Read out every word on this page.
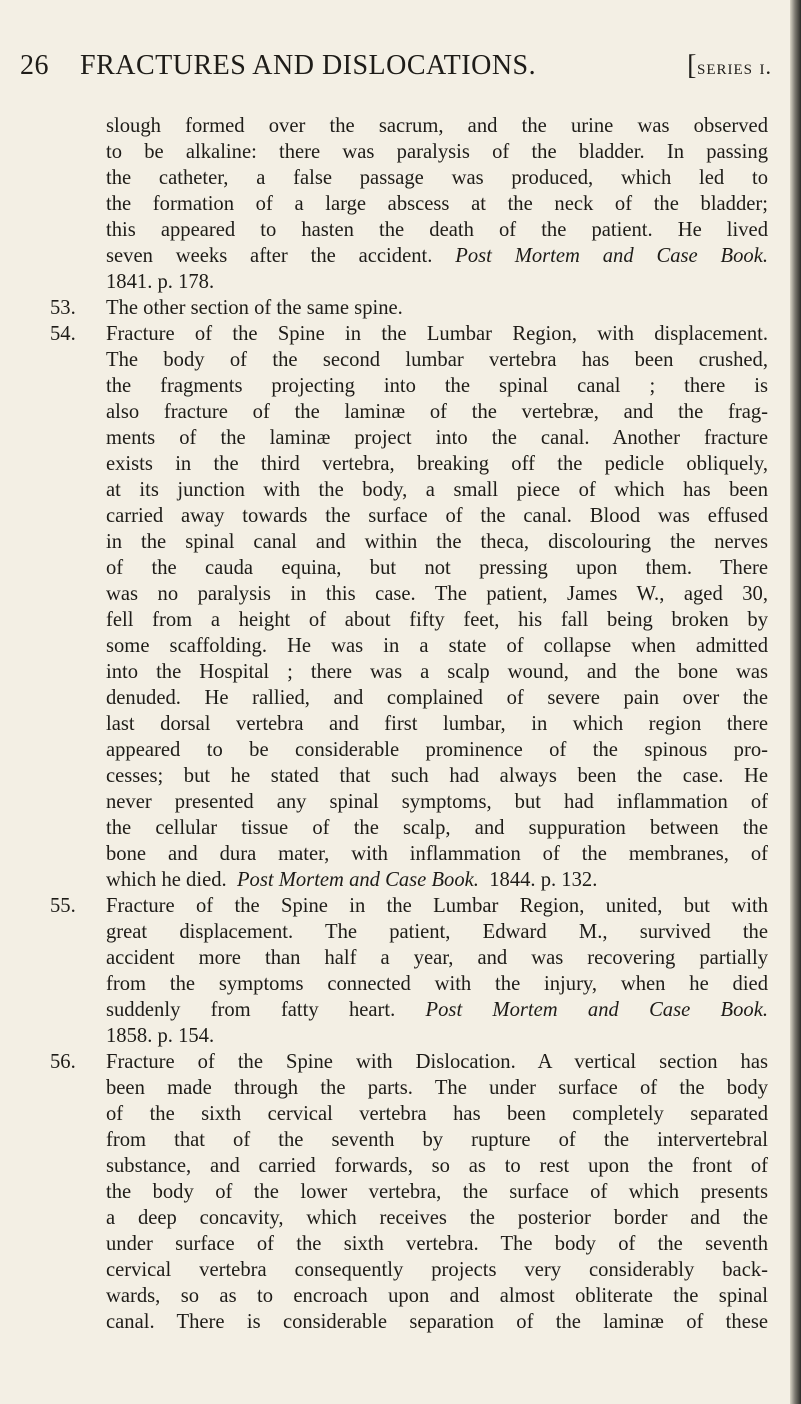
26 FRACTURES AND DISLOCATIONS.	[series i.
slough formed over the sacrum, and the urine was observed
to be alkaline: there was paralysis of the bladder. In passing
the catheter, a false passage was produced, which led to
the formation of a large abscess at the neck of the bladder;
this appeared to hasten the death of the patient. He lived
seven weeks after the accident. Post Mortem and Case Book.
1841. p. 178.
53. The other section of the same spine.
54. Fracture of the Spine in the Lumbar Region, with displacement.
The body of the second lumbar vertebra has been crushed,
the fragments projecting into the spinal canal ; there is
also fracture of the laminæ of the vertebræ, and the frag-
ments of the laminæ project into the canal. Another fracture
exists in the third vertebra, breaking off the pedicle obliquely,
at its junction with the body, a small piece of which has been
carried away towards the surface of the canal. Blood was effused
in the spinal canal and within the theca, discolouring the nerves
of the cauda equina, but not pressing upon them. There
was no paralysis in this case. The patient, James W., aged 30,
fell from a height of about fifty feet, his fall being broken by
some scaffolding. He was in a state of collapse when admitted
into the Hospital ; there was a scalp wound, and the bone was
denuded. He rallied, and complained of severe pain over the
last dorsal vertebra and first lumbar, in which region there
appeared to be considerable prominence of the spinous pro-
cesses; but he stated that such had always been the case. He
never presented any spinal symptoms, but had inflammation of
the cellular tissue of the scalp, and suppuration between the
bone and dura mater, with inflammation of the membranes, of
which he died. Post Mortem and Case Book. 1844. p. 132.
55. Fracture of the Spine in the Lumbar Region, united, but with
great displacement. The patient, Edward M., survived the
accident more than half a year, and was recovering partially
from the symptoms connected with the injury, when he died
suddenly from fatty heart. Post Mortem and Case Book.
1858. p. 154.
56. Fracture of the Spine with Dislocation. A vertical section has
been made through the parts. The under surface of the body
of the sixth cervical vertebra has been completely separated
from that of the seventh by rupture of the intervertebral
substance, and carried forwards, so as to rest upon the front of
the body of the lower vertebra, the surface of which presents
a deep concavity, which receives the posterior border and the
under surface of the sixth vertebra. The body of the seventh
cervical vertebra consequently projects very considerably back-
wards, so as to encroach upon and almost obliterate the spinal
canal. There is considerable separation of the laminæ of these
